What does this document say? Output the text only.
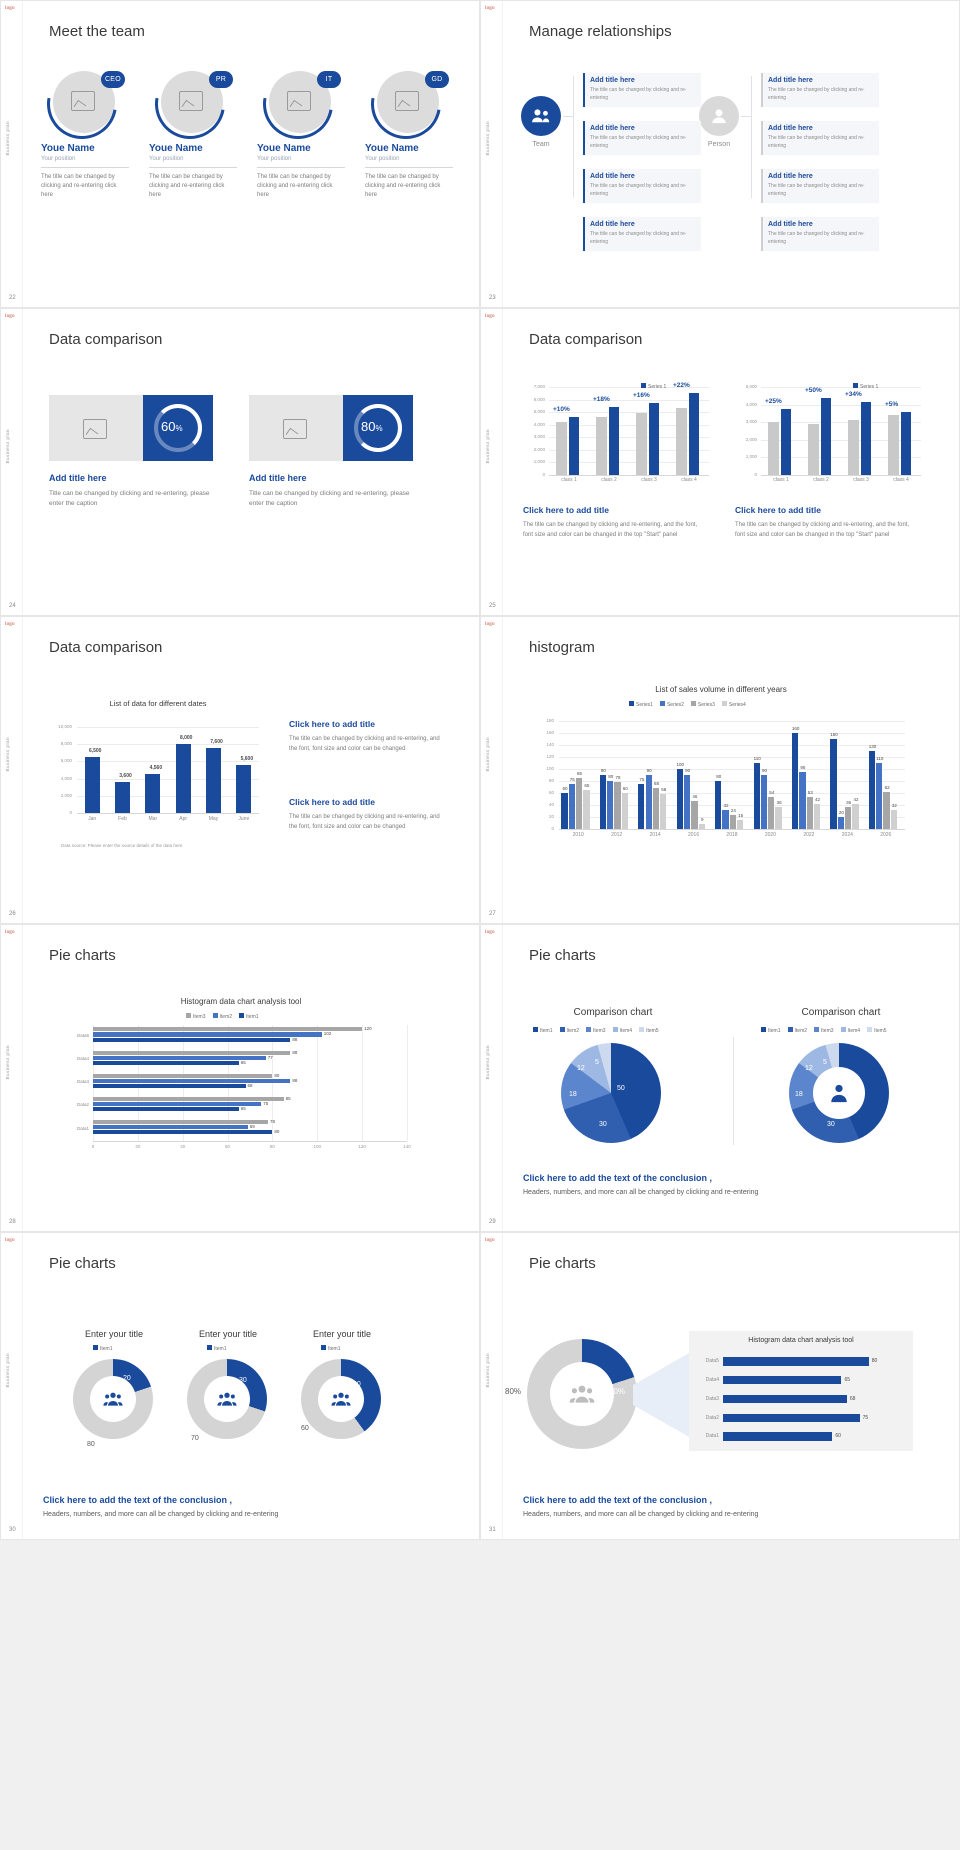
logo
Business plan
22
Meet the team
CEO
Youe Name
Your position
The title can be changed by clicking and re-entering click here
PR
Youe Name
Your position
The title can be changed by clicking and re-entering click here
IT
Youe Name
Your position
The title can be changed by clicking and re-entering click here
GD
Youe Name
Your position
The title can be changed by clicking and re-entering click here
logo
Business plan
23
Manage relationships
Team	Person
Add title here

The title can be changed by clicking and re-entering

Add title here

The title can be changed by clicking and re-entering

Add title here

The title can be changed by clicking and re-entering

Add title here

The title can be changed by clicking and re-entering

Add title here

The title can be changed by clicking and re-entering

Add title here

The title can be changed by clicking and re-entering

Add title here

The title can be changed by clicking and re-entering

Add title here

The title can be changed by clicking and re-entering

logo
Business plan
24
Data comparison
60%
Add title here
Title can be changed by clicking and re-entering, please enter the caption
80%
Add title here
Title can be changed by clicking and re-entering, please enter the caption
logo
Business plan
25
Data comparison
7,000
6,000
5,000
4,000
3,000
2,000
1,000
0
class 1
+10%
class 2
+18%
class 3
+16%
class 4
+22%
Series 1
Click here to add title
The title can be changed by clicking and re-entering, and the font, font size and color can be changed in the top "Start" panel
5,000
4,000
3,000
2,000
1,000
0
class 1
+25%
class 2
+50%
class 3
+34%
class 4
+5%
Series 1
Click here to add title
The title can be changed by clicking and re-entering, and the font, font size and color can be changed in the top "Start" panel
logo
Business plan
26
Data comparison
List of data for different dates
10,000
8,000
6,000
4,000
2,000
0
6,500
Jan
3,600
Feb
4,560
Mar
8,000
Apr
7,600
May
5,600
June
Data source: Please enter the source details of the data here
Click here to add title
The title can be changed by clicking and re-entering, and the font, font size and color can be changed
Click here to add title
The title can be changed by clicking and re-entering, and the font, font size and color can be changed
logo
Business plan
27
histogram
List of sales volume in different years
Series1	Series2	Series3	Series4
180
160
140
120
100
80
60
40
20
0
60
75
85
65
2010
90
80 78
60
2012
75
90
68
58
2014
100
90
46
9
2016
80
32
24
15
2018
110
90
54
36
2020
160
95
53
42
2022
150
20
36
42
2024
130
110
62
32
2026
logo
Business plan
28
Pie charts
Histogram data chart analysis tool
Item3	Item2	Item1
0	20	40	60	80	100	120	140
78
69
80
Data1
85
75
65
Data2
80
88
68
Data3
88
77
65
Data4
120
102
88
Data5
logo
Business plan
29
Pie charts
Comparison chart
Item1	Item2	Item3	Item4	Item5
50
30
18
12
5
Comparison chart
Item1	Item2	Item3	Item4	Item5
50
30
18
12
5
Click here to add the text of the conclusion ,
Headers, numbers, and more can all be changed by clicking and re-entering
logo
Business plan
30
Pie charts
Enter your title
Item1
20
80
Enter your title
Item1
30
70
Enter your title
Item1
40
60
Click here to add the text of the conclusion ,
Headers, numbers, and more can all be changed by clicking and re-entering
logo
Business plan
31
Pie charts
20%
80%
Histogram data chart analysis tool
60
Data1
75
Data2
68
Data3
65
Data4
80
Data5
Click here to add the text of the conclusion ,
Headers, numbers, and more can all be changed by clicking and re-entering
